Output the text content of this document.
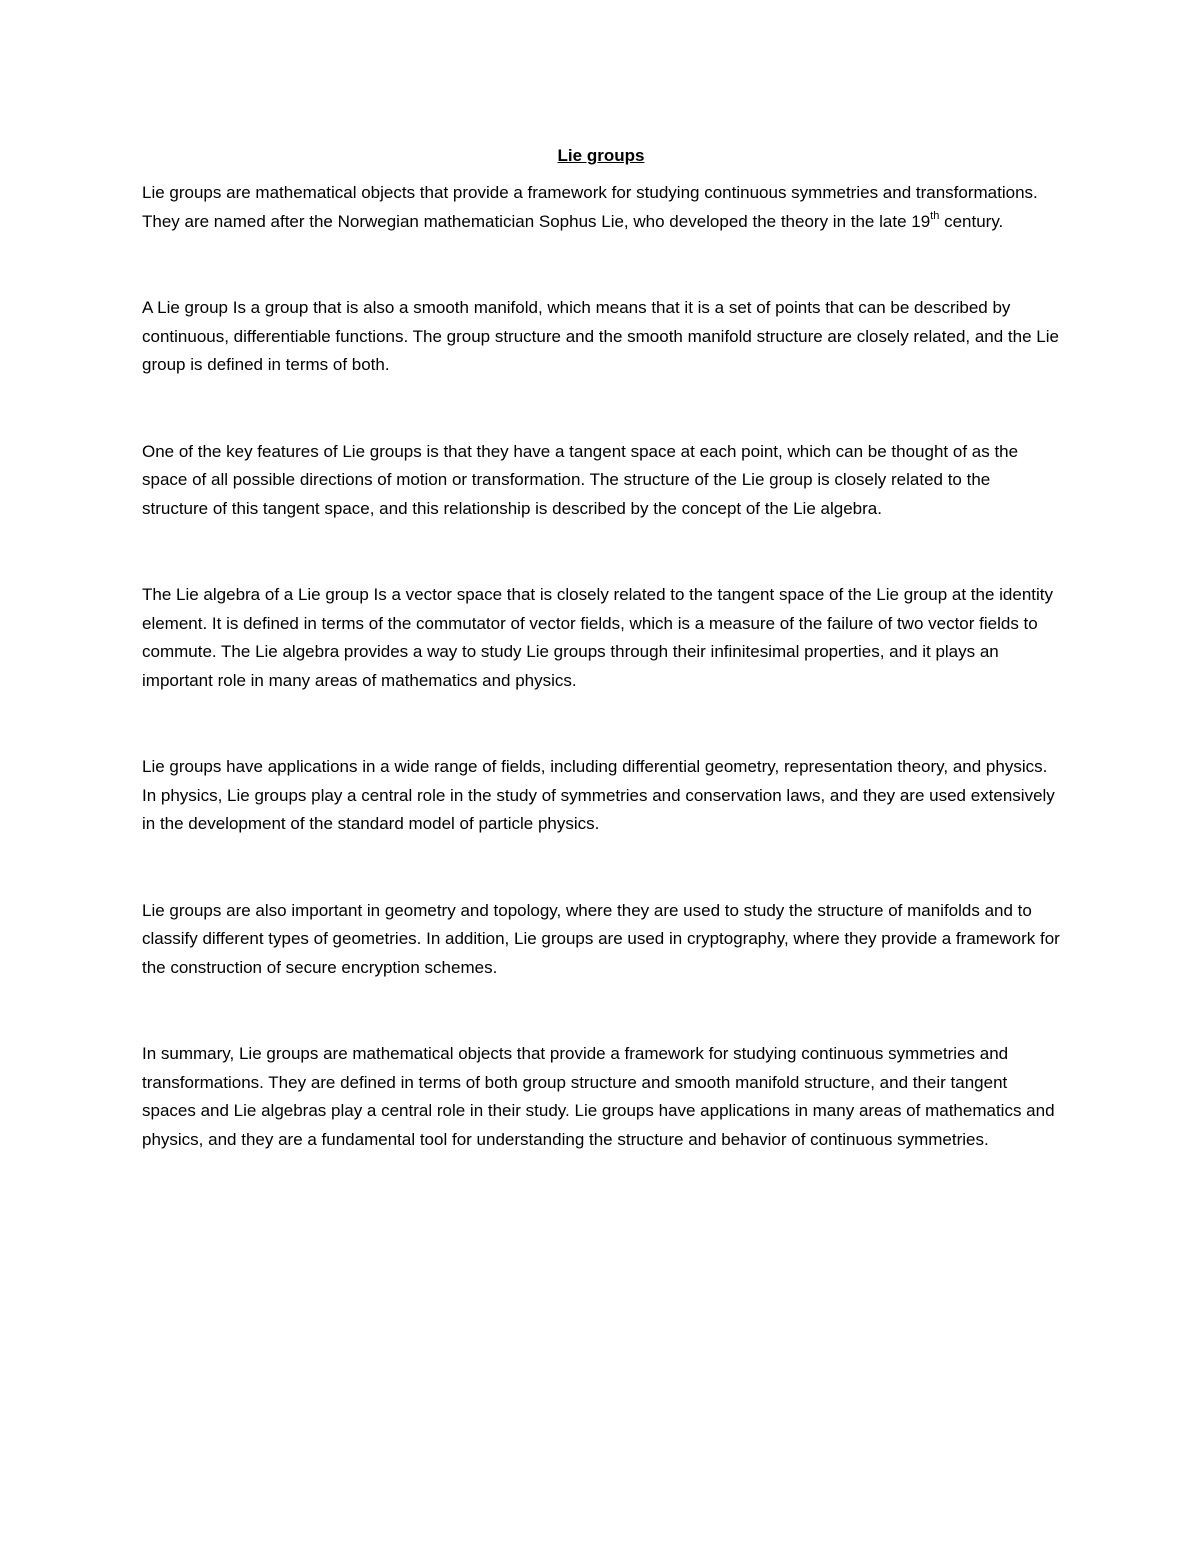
Lie groups

Lie groups are mathematical objects that provide a framework for studying continuous symmetries and transformations. They are named after the Norwegian mathematician Sophus Lie, who developed the theory in the late 19th century.

A Lie group Is a group that is also a smooth manifold, which means that it is a set of points that can be described by continuous, differentiable functions. The group structure and the smooth manifold structure are closely related, and the Lie group is defined in terms of both.

One of the key features of Lie groups is that they have a tangent space at each point, which can be thought of as the space of all possible directions of motion or transformation. The structure of the Lie group is closely related to the structure of this tangent space, and this relationship is described by the concept of the Lie algebra.

The Lie algebra of a Lie group Is a vector space that is closely related to the tangent space of the Lie group at the identity element. It is defined in terms of the commutator of vector fields, which is a measure of the failure of two vector fields to commute. The Lie algebra provides a way to study Lie groups through their infinitesimal properties, and it plays an important role in many areas of mathematics and physics.

Lie groups have applications in a wide range of fields, including differential geometry, representation theory, and physics. In physics, Lie groups play a central role in the study of symmetries and conservation laws, and they are used extensively in the development of the standard model of particle physics.

Lie groups are also important in geometry and topology, where they are used to study the structure of manifolds and to classify different types of geometries. In addition, Lie groups are used in cryptography, where they provide a framework for the construction of secure encryption schemes.

In summary, Lie groups are mathematical objects that provide a framework for studying continuous symmetries and transformations. They are defined in terms of both group structure and smooth manifold structure, and their tangent spaces and Lie algebras play a central role in their study. Lie groups have applications in many areas of mathematics and physics, and they are a fundamental tool for understanding the structure and behavior of continuous symmetries.
